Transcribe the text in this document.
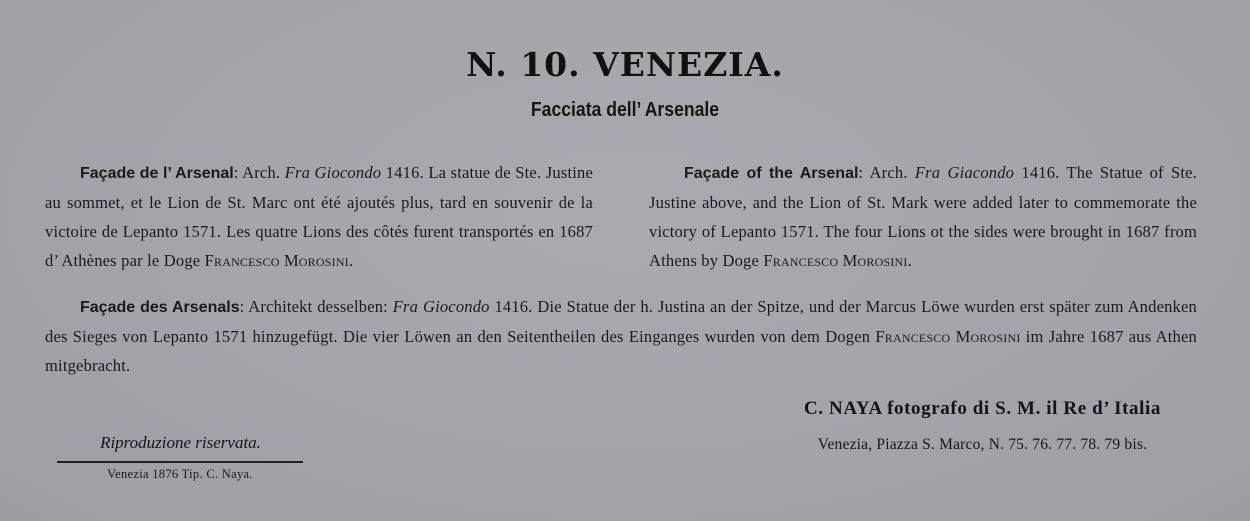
N. 10. VENEZIA.
Facciata dell’ Arsenale
Façade de l’ Arsenal: Arch. Fra Giocondo 1416. La statue de Ste. Justine au sommet, et le Lion de St. Marc ont été ajoutés plus, tard en souvenir de la victoire de Lepanto 1571. Les quatre Lions des côtés furent transportés en 1687 d’ Athènes par le Doge Francesco Morosini.
Façade of the Arsenal: Arch. Fra Giacondo 1416. The Statue of Ste. Justine above, and the Lion of St. Mark were added later to commemorate the victory of Lepanto 1571. The four Lions ot the sides were brought in 1687 from Athens by Doge Francesco Morosini.
Façade des Arsenals: Architekt desselben: Fra Giocondo 1416. Die Statue der h. Justina an der Spitze, und der Marcus Löwe wurden erst später zum Andenken des Sieges von Lepanto 1571 hinzugefügt. Die vier Löwen an den Seitentheilen des Einganges wurden von dem Dogen Francesco Morosini im Jahre 1687 aus Athen mitgebracht.
Riproduzione riservata.
Venezia 1876 Tip. C. Naya.
C. NAYA fotografo di S. M. il Re d’ Italia
Venezia, Piazza S. Marco, N. 75. 76. 77. 78. 79 bis.
